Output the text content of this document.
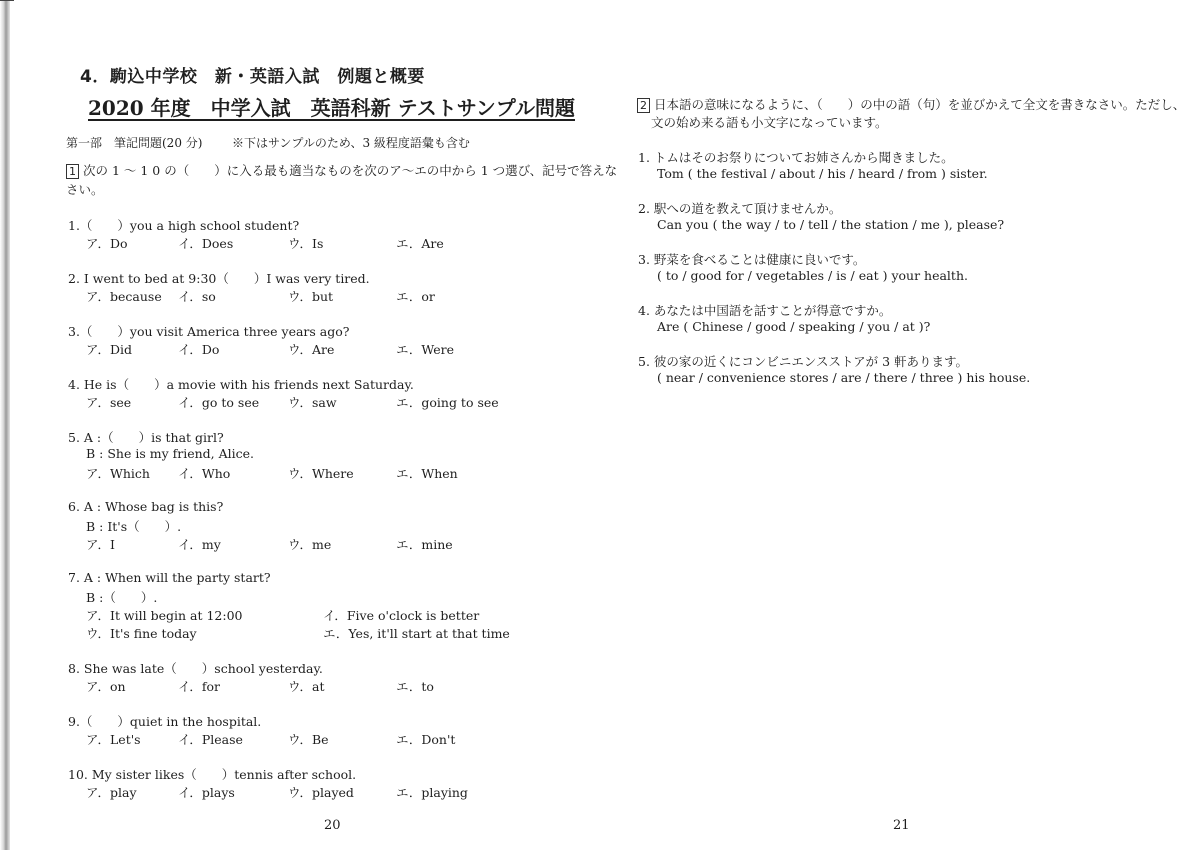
4．駒込中学校　新・英語入試　例題と概要
2020 年度　中学入試　英語科新 テストサンプル問題
第一部　筆記問題(20 分) ※下はサンプルのため、3 級程度語彙も含む
1 次の 1 ～ 1 0 の（　　）に入る最も適当なものを次のア～エの中から 1 つ選び、記号で答えな
さい。
1.（　　）you a high school student?
ア．Do	イ．Does	ウ．Is	エ．Are
2. I went to bed at 9:30（　　）I was very tired.
ア．because イ．so	ウ．but	エ．or
3.（　　）you visit America three years ago?
ア．Did	イ．Do	ウ．Are	エ．Were
4. He is（　　）a movie with his friends next Saturday.
ア．see	イ．go to see ウ．saw	エ．going to see
5. A :（　　）is that girl?
B : She is my friend, Alice.
ア．Which イ．Who	ウ．Where	エ．When
6. A : Whose bag is this?
B : It's（　　）.
ア．I	イ．my	ウ．me	エ．mine
7. A : When will the party start?
B :（　　）.
ア．It will begin at 12:00	イ．Five o'clock is better
ウ．It's fine today	エ．Yes, it'll start at that time
8. She was late（　　）school yesterday.
ア．on	イ．for	ウ．at	エ．to
9.（　　）quiet in the hospital.
ア．Let's	イ．Please	ウ．Be	エ．Don't
10. My sister likes（　　）tennis after school.
ア．play	イ．plays	ウ．played	エ．playing
20
2 日本語の意味になるように、（　　）の中の語（句）を並びかえて全文を書きなさい。ただし、
文の始め来る語も小文字になっています。
1. トムはそのお祭りについてお姉さんから聞きました。
Tom ( the festival / about / his / heard / from ) sister.
2. 駅への道を教えて頂けませんか。
Can you ( the way / to / tell / the station / me ), please?
3. 野菜を食べることは健康に良いです。
( to / good for / vegetables / is / eat ) your health.
4. あなたは中国語を話すことが得意ですか。
Are ( Chinese / good / speaking / you / at )?
5. 彼の家の近くにコンビニエンスストアが 3 軒あります。
( near / convenience stores / are / there / three ) his house.
21
